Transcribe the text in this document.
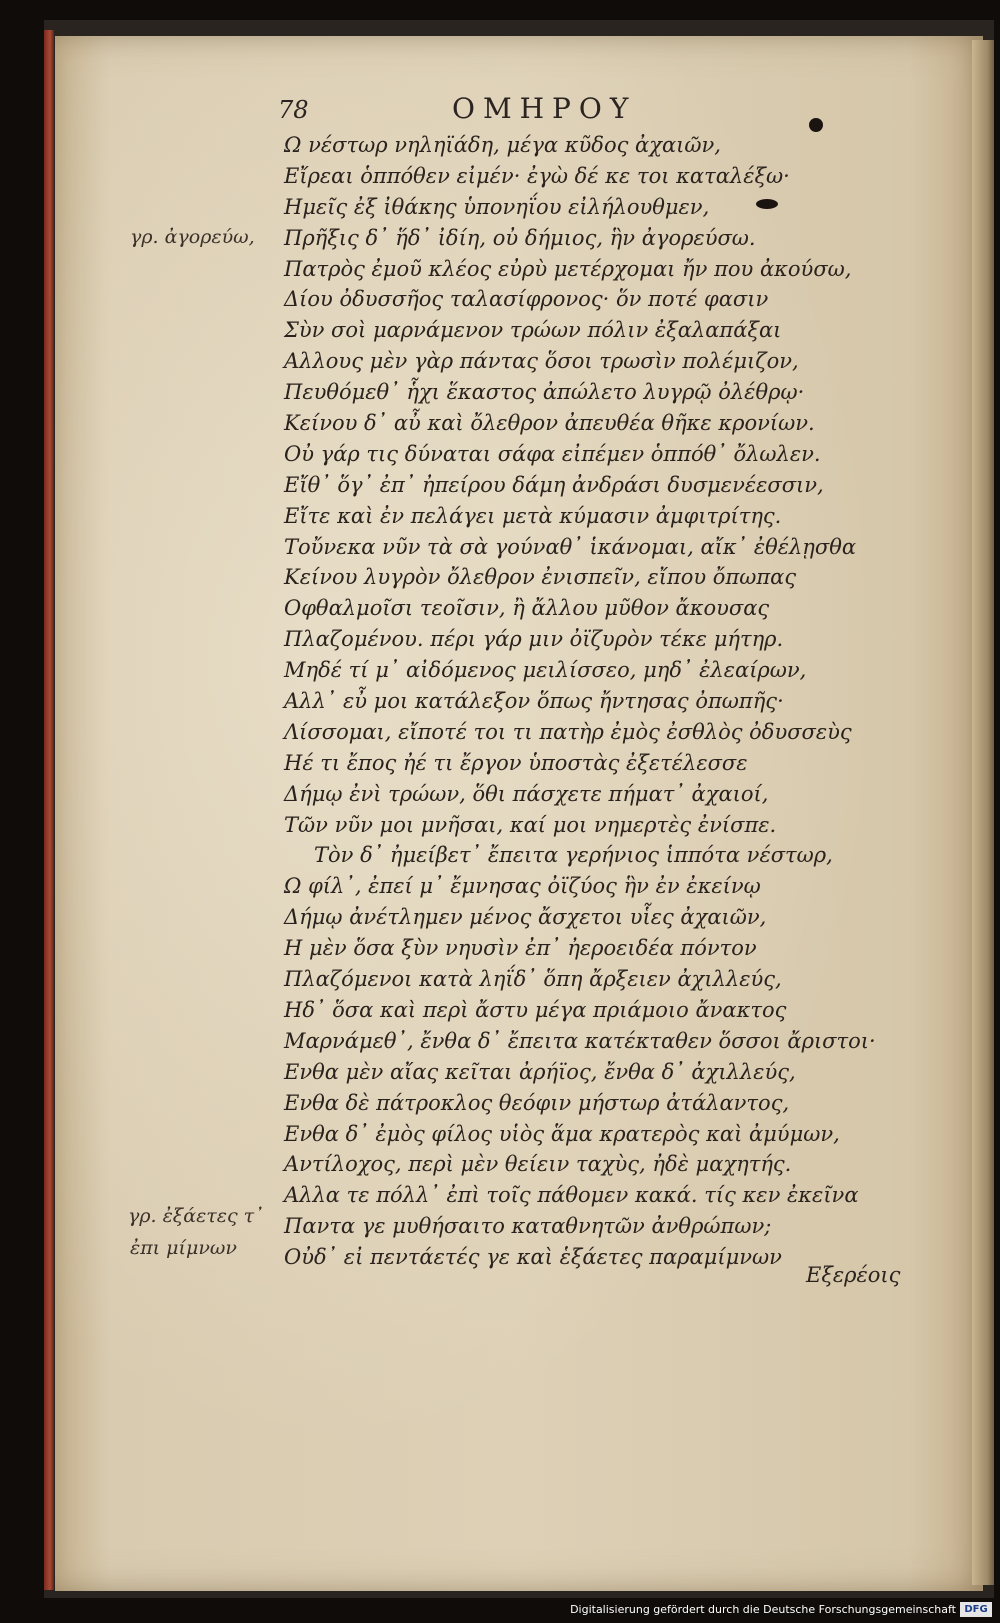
78	ΟΜΗΡΟΥ
Ω νέστωρ νηληϊάδη, μέγα κῦδος ἀχαιῶν,
Εἴρεαι ὁππόθεν εἰμέν· ἐγὼ δέ κε τοι καταλέξω·
Ημεῖς ἐξ ἰθάκης ὑπονηΐου εἰλήλουθμεν,
Πρῆξις δ᾽ ἥδ᾽ ἰδίη, οὐ δήμιος, ἣν ἀγορεύσω.
Πατρὸς ἐμοῦ κλέος εὐρὺ μετέρχομαι ἤν που ἀκούσω,
Δίου ὀδυσσῆος ταλασίφρονος· ὅν ποτέ φασιν
Σὺν σοὶ μαρνάμενον τρώων πόλιν ἐξαλαπάξαι
Αλλους μὲν γὰρ πάντας ὅσοι τρωσὶν πολέμιζον,
Πευθόμεθ᾽ ἧχι ἕκαστος ἀπώλετο λυγρῷ ὀλέθρῳ·
Κείνου δ᾽ αὖ καὶ ὄλεθρον ἀπευθέα θῆκε κρονίων.
Οὐ γάρ τις δύναται σάφα εἰπέμεν ὁππόθ᾽ ὄλωλεν.
Εἴθ᾽ ὅγ᾽ ἐπ᾽ ἠπείρου δάμη ἀνδράσι δυσμενέεσσιν,
Εἴτε καὶ ἐν πελάγει μετὰ κύμασιν ἀμφιτρίτης.
Τοὔνεκα νῦν τὰ σὰ γούναθ᾽ ἱκάνομαι, αἴκ᾽ ἐθέλῃσθα
Κείνου λυγρὸν ὄλεθρον ἐνισπεῖν, εἴπου ὄπωπας
Οφθαλμοῖσι τεοῖσιν, ἢ ἄλλου μῦθον ἄκουσας
Πλαζομένου. πέρι γάρ μιν ὀϊζυρὸν τέκε μήτηρ.
Μηδέ τί μ᾽ αἰδόμενος μειλίσσεο, μηδ᾽ ἐλεαίρων,
Αλλ᾽ εὖ μοι κατάλεξον ὅπως ἤντησας ὀπωπῆς·
Λίσσομαι, εἴποτέ τοι τι πατὴρ ἐμὸς ἐσθλὸς ὀδυσσεὺς
Ηέ τι ἔπος ἠέ τι ἔργον ὑποστὰς ἐξετέλεσσε
Δήμῳ ἐνὶ τρώων, ὅθι πάσχετε πήματ᾽ ἀχαιοί,
Τῶν νῦν μοι μνῆσαι, καί μοι νημερτὲς ἐνίσπε.
Τὸν δ᾽ ἠμείβετ᾽ ἔπειτα γερήνιος ἱππότα νέστωρ,
Ω φίλ᾽, ἐπεί μ᾽ ἔμνησας ὀϊζύος ἣν ἐν ἐκείνῳ
Δήμῳ ἀνέτλημεν μένος ἄσχετοι υἷες ἀχαιῶν,
Η μὲν ὅσα ξὺν νηυσὶν ἐπ᾽ ἠεροειδέα πόντον
Πλαζόμενοι κατὰ ληΐδ᾽ ὅπη ἄρξειεν ἀχιλλεύς,
Ηδ᾽ ὅσα καὶ περὶ ἄστυ μέγα πριάμοιο ἄνακτος
Μαρνάμεθ᾽, ἔνθα δ᾽ ἔπειτα κατέκταθεν ὅσσοι ἄριστοι·
Ενθα μὲν αἴας κεῖται ἀρήϊος, ἔνθα δ᾽ ἀχιλλεύς,
Ενθα δὲ πάτροκλος θεόφιν μήστωρ ἀτάλαντος,
Ενθα δ᾽ ἐμὸς φίλος υἱὸς ἅμα κρατερὸς καὶ ἀμύμων,
Αντίλοχος, περὶ μὲν θείειν ταχὺς, ἠδὲ μαχητής.
Αλλα τε πόλλ᾽ ἐπὶ τοῖς πάθομεν κακά. τίς κεν ἐκεῖνα
Παντα γε μυθήσαιτο καταθνητῶν ἀνθρώπων;
Οὐδ᾽ εἰ πεντάετές γε καὶ ἑξάετες παραμίμνων
γρ. ἀγορεύω,
γρ. ἐξάετες τ᾽
ἐπι μίμνων
Εξερέοις
Digitalisierung gefördert durch die Deutsche Forschungsgemeinschaft DFG
